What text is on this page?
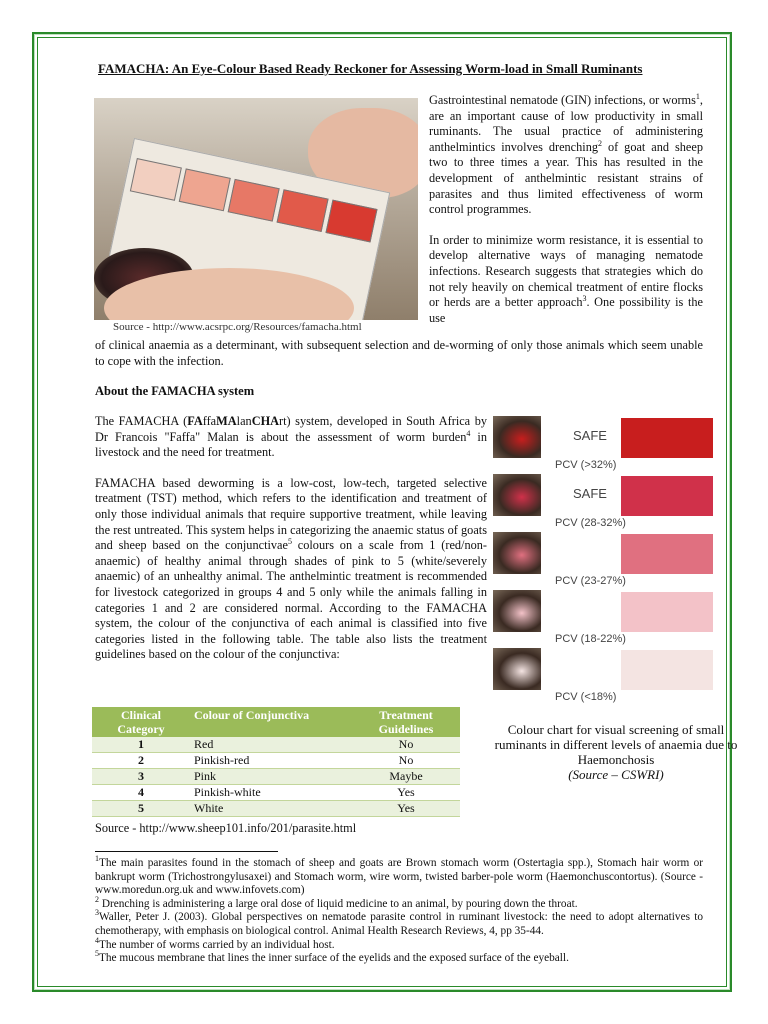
FAMACHA: An Eye-Colour Based Ready Reckoner for Assessing Worm-load in Small Ruminants
Source - http://www.acsrpc.org/Resources/famacha.html

Gastrointestinal nematode (GIN) infections, or worms$^1$, are an important cause of low productivity in small ruminants. The usual practice of administering anthelmintics involves drenching$^2$ of goat and sheep two to three times a year. This has resulted in the development of anthelmintic resistant strains of parasites and thus limited effectiveness of worm control programmes.

In order to minimize worm resistance, it is essential to develop alternative ways of managing nematode infections. Research suggests that strategies which do not rely heavily on chemical treatment of entire flocks or herds are a better approach$^3$. One possibility is the use

of clinical anaemia as a determinant, with subsequent selection and de-worming of only those animals which seem unable to cope with the infection.
About the FAMACHA system

The FAMACHA (FAffaMAlanCHArt) system, developed in South Africa by Dr Francois "Faffa" Malan is about the assessment of worm burden$^4$ in livestock and the need for treatment.

FAMACHA based deworming is a low-cost, low-tech, targeted selective treatment (TST) method, which refers to the identification and treatment of only those individual animals that require supportive treatment, while leaving the rest untreated. This system helps in categorizing the anaemic status of goats and sheep based on the conjunctivae$^5$ colours on a scale from 1 (red/non-anaemic) of healthy animal through shades of pink to 5 (white/severely anaemic) of an unhealthy animal. The anthelmintic treatment is recommended for livestock categorized in groups 4 and 5 only while the animals falling in categories 1 and 2 are considered normal. According to the FAMACHA system, the colour of the conjunctiva of each animal is classified into five categories listed in the following table. The table also lists the treatment guidelines based on the colour of the conjunctiva:

SAFE
PCV (>32%)
SAFE
PCV (28-32%)
PCV (23-27%)
PCV (18-22%)
PCV (<18%)
Colour chart for visual screening of small ruminants in different levels of anaemia due to Haemonchosis
(Source – CSWRI)
Clinical Category	Colour of Conjunctiva	Treatment Guidelines
1	Red	No
2	Pinkish-red	No
3	Pink	Maybe
4	Pinkish-white	Yes
5	White	Yes
Source - http://www.sheep101.info/201/parasite.html

$^1$The main parasites found in the stomach of sheep and goats are Brown stomach worm (Ostertagia spp.), Stomach hair worm or bankrupt worm (Trichostrongylusaxei) and Stomach worm, wire worm, twisted barber-pole worm (Haemonchuscontortus). (Source - www.moredun.org.uk and www.infovets.com)

$^2$ Drenching is administering a large oral dose of liquid medicine to an animal, by pouring down the throat.

$^3$Waller, Peter J. (2003). Global perspectives on nematode parasite control in ruminant livestock: the need to adopt alternatives to chemotherapy, with emphasis on biological control. Animal Health Research Reviews, 4, pp 35-44.

$^4$The number of worms carried by an individual host.

$^5$The mucous membrane that lines the inner surface of the eyelids and the exposed surface of the eyeball.
